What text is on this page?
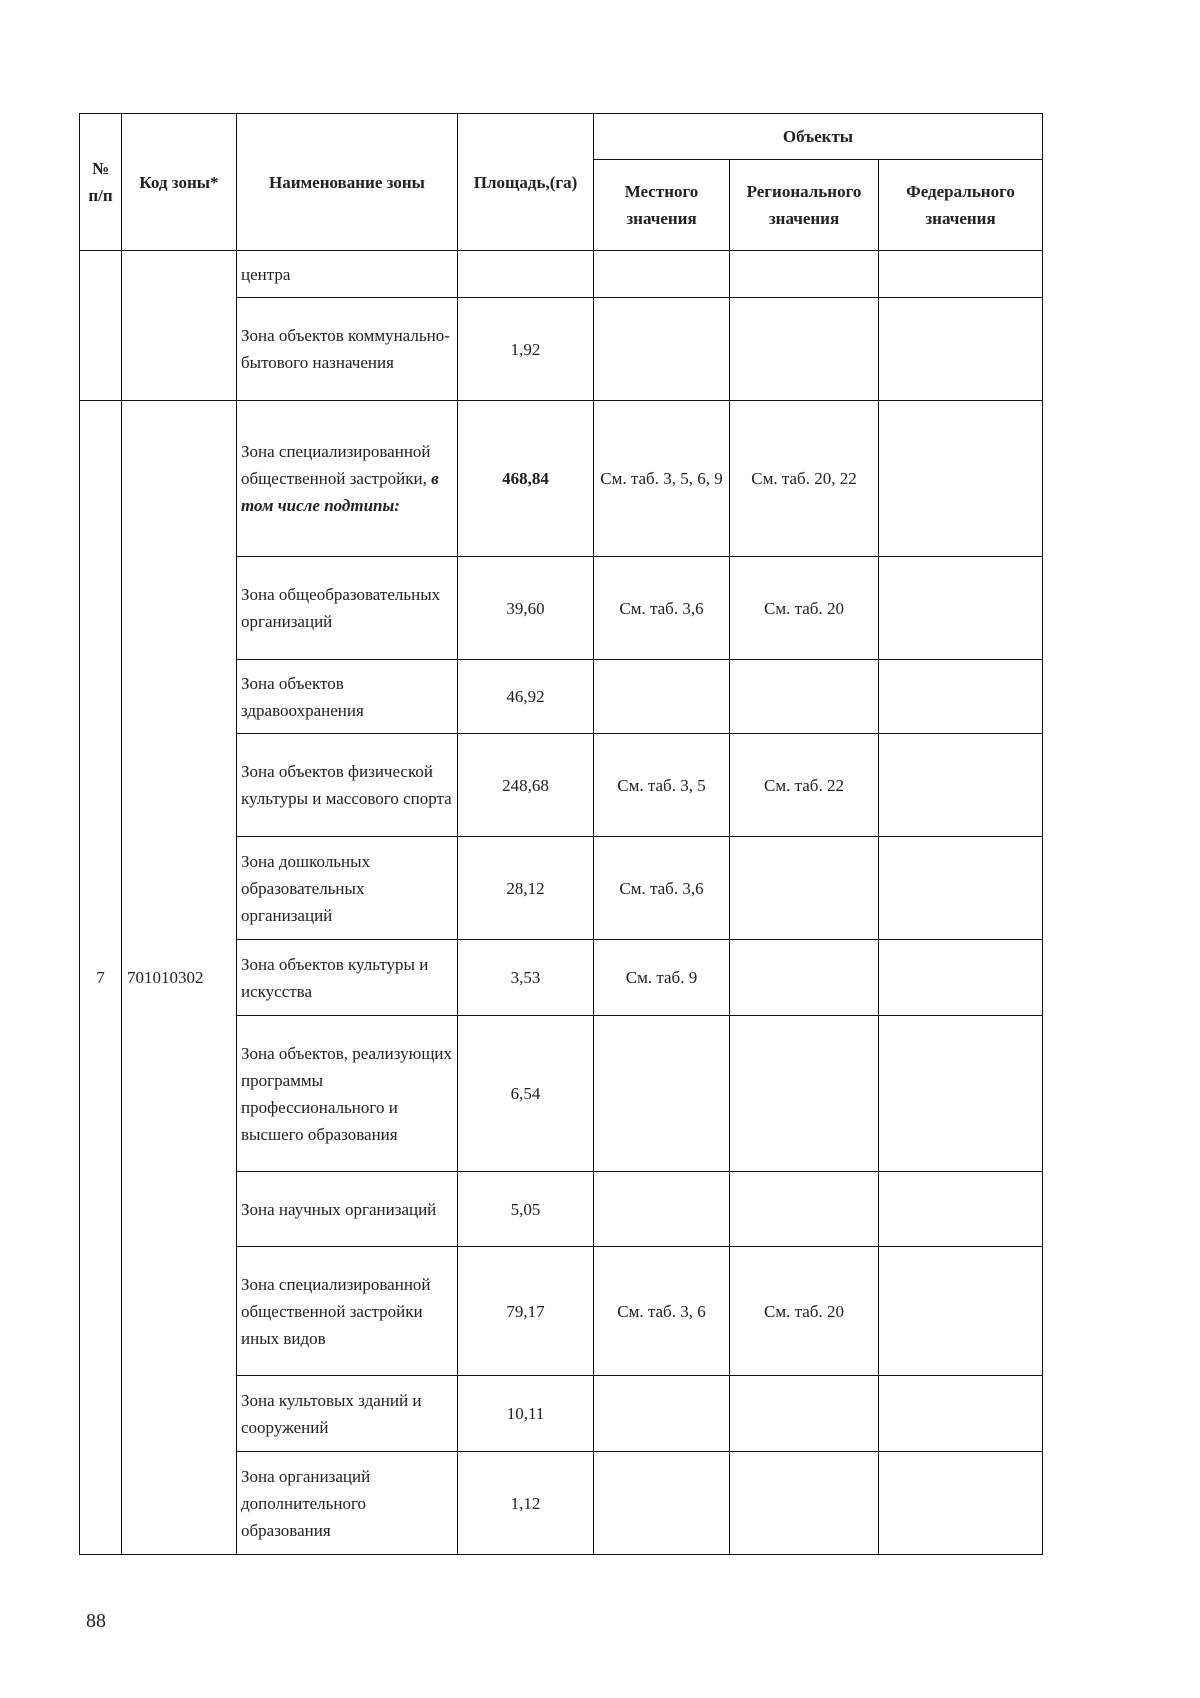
№ п/п	Код зоны*	Наименование зоны	Площадь,(га)	Объекты		
				Местного значения	Регионального значения	Федерального значения
		центра				
		Зона объектов коммунально-бытового назначения	1,92			
7	701010302	Зона специализированной общественной застройки, в том числе подтипы:	468,84	См. таб. 3, 5, 6, 9	См. таб. 20, 22	
		Зона общеобразовательных организаций	39,60	См. таб. 3,6	См. таб. 20	
		Зона объектов здравоохранения	46,92			
		Зона объектов физической культуры и массового спорта	248,68	См. таб. 3, 5	См. таб. 22	
		Зона дошкольных образовательных организаций	28,12	См. таб. 3,6		
		Зона объектов культуры и искусства	3,53	См. таб. 9		
		Зона объектов, реализующих программы профессионального и высшего образования	6,54			
		Зона научных организаций	5,05			
		Зона специализированной общественной застройки иных видов	79,17	См. таб. 3, 6	См. таб. 20	
		Зона культовых зданий и сооружений	10,11			
		Зона организаций дополнительного образования	1,12			
88
